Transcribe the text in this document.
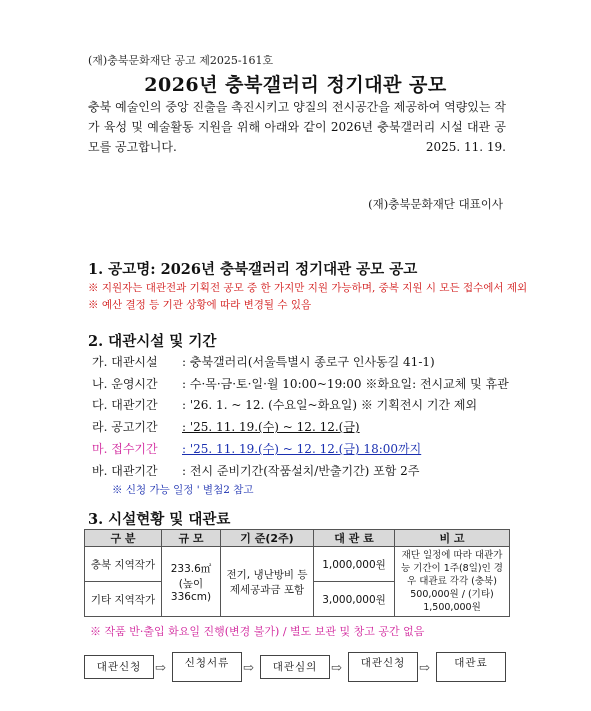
(재)충북문화재단 공고 제2025-161호
2026년 충북갤러리 정기대관 공모
충북 예술인의 중앙 진출을 촉진시키고 양질의 전시공간을 제공하여 역량있는 작가 육성 및 예술활동 지원을 위해 아래와 같이 2026년 충북갤러리 시설 대관 공모를 공고합니다.	2025. 11. 19.
(재)충북문화재단 대표이사
1. 공고명: 2026년 충북갤러리 정기대관 공모 공고
※ 지원자는 대관전과 기획전 공모 중 한 가지만 지원 가능하며, 중복 지원 시 모든 접수에서 제외
※ 예산 결정 등 기관 상황에 따라 변경될 수 있음
2. 대관시설 및 기간
가. 대관시설 : 충북갤러리(서울특별시 종로구 인사동길 41-1)
나. 운영시간 : 수·목·금·토·일·월 10:00~19:00 ※화요일: 전시교체 및 휴관
다. 대관기간 : '26. 1. ~ 12. (수요일~화요일) ※ 기획전시 기간 제외
라. 공고기간 : '25. 11. 19.(수) ~ 12. 12.(금)
마. 접수기간 : '25. 11. 19.(수) ~ 12. 12.(금) 18:00까지
바. 대관기간 : 전시 준비기간(작품설치/반출기간) 포함 2주
※ 신청 가능 일정 ' 별첨2 참고
3. 시설현황 및 대관료
구 분	규 모	기 준(2주)	대 관 료	비 고
충북 지역작가	233.6㎡ (높이 336cm)	전기, 냉난방비 등 제세공과금 포함	1,000,000원	재단 일정에 따라 대관가능 기간이 1주(8일)인 경우 대관료 각각 (충북) 500,000원 / (기타) 1,500,000원
기타 지역작가			3,000,000원	
※ 작품 반·출입 화요일 진행(변경 불가) / 별도 보관 및 창고 공간 없음
대관신청	⇨	신청서류	⇨	대관심의	⇨	대관신청	⇨	대관료
